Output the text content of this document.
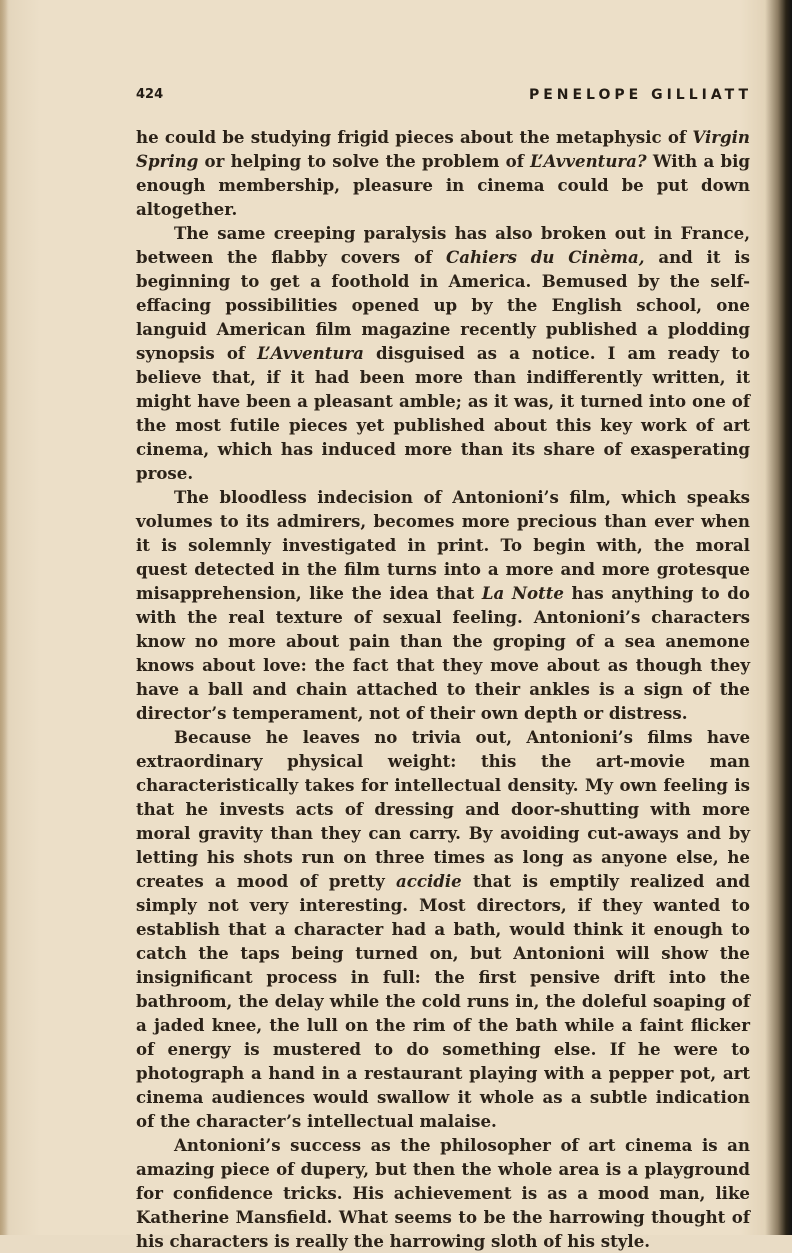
424	PENELOPE GILLIATT

he could be studying frigid pieces about the metaphysic of Virgin Spring or helping to solve the problem of L’Avventura? With a big enough membership, pleasure in cinema could be put down altogether.

The same creeping paralysis has also broken out in France, between the flabby covers of Cahiers du Cinèma, and it is beginning to get a foothold in America. Bemused by the self-effacing possibilities opened up by the English school, one languid American film magazine recently published a plodding synopsis of L’Avventura disguised as a notice. I am ready to believe that, if it had been more than indifferently written, it might have been a pleasant amble; as it was, it turned into one of the most futile pieces yet published about this key work of art cinema, which has induced more than its share of exasperating prose.

The bloodless indecision of Antonioni’s film, which speaks volumes to its admirers, becomes more precious than ever when it is solemnly investigated in print. To begin with, the moral quest detected in the film turns into a more and more grotesque misapprehension, like the idea that La Notte has anything to do with the real texture of sexual feeling. Antonioni’s characters know no more about pain than the groping of a sea anemone knows about love: the fact that they move about as though they have a ball and chain attached to their ankles is a sign of the director’s temperament, not of their own depth or distress.

Because he leaves no trivia out, Antonioni’s films have extraordinary physical weight: this the art-movie man characteristically takes for intellectual density. My own feeling is that he invests acts of dressing and door-shutting with more moral gravity than they can carry. By avoiding cut-aways and by letting his shots run on three times as long as anyone else, he creates a mood of pretty accidie that is emptily realized and simply not very interesting. Most directors, if they wanted to establish that a character had a bath, would think it enough to catch the taps being turned on, but Antonioni will show the insignificant process in full: the first pensive drift into the bathroom, the delay while the cold runs in, the doleful soaping of a jaded knee, the lull on the rim of the bath while a faint flicker of energy is mustered to do something else. If he were to photograph a hand in a restaurant playing with a pepper pot, art cinema audiences would swallow it whole as a subtle indication of the character’s intellectual malaise.

Antonioni’s success as the philosopher of art cinema is an amazing piece of dupery, but then the whole area is a playground for confidence tricks. His achievement is as a mood man, like Katherine Mansfield. What seems to be the harrowing thought of his characters is really the harrowing sloth of his style.
